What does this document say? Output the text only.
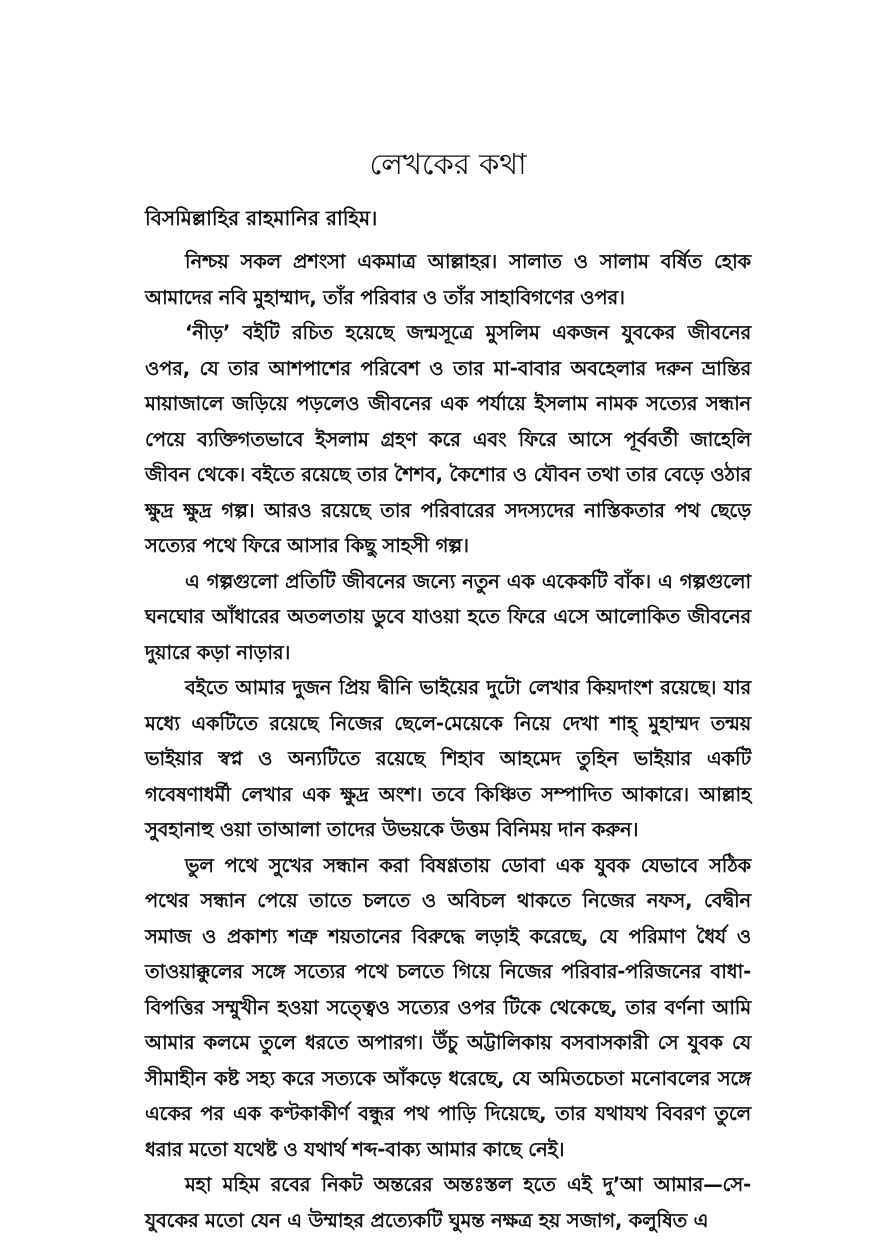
লেখকের কথা

বিসমিল্লাহির রাহমানির রাহিম।

নিশ্চয় সকল প্রশংসা একমাত্র আল্লাহর। সালাত ও সালাম বর্ষিত হোক আমাদের নবি মুহাম্মাদ, তাঁর পরিবার ও তাঁর সাহাবিগণের ওপর।

‘নীড়’ বইটি রচিত হয়েছে জন্মসূত্রে মুসলিম একজন যুবকের জীবনের ওপর, যে তার আশপাশের পরিবেশ ও তার মা-বাবার অবহেলার দরুন ভ্রান্তির মায়াজালে জড়িয়ে পড়লেও জীবনের এক পর্যায়ে ইসলাম নামক সত্যের সন্ধান পেয়ে ব্যক্তিগতভাবে ইসলাম গ্রহণ করে এবং ফিরে আসে পূর্ববর্তী জাহেলি জীবন থেকে। বইতে রয়েছে তার শৈশব, কৈশোর ও যৌবন তথা তার বেড়ে ওঠার ক্ষুদ্র ক্ষুদ্র গল্প। আরও রয়েছে তার পরিবারের সদস্যদের নাস্তিকতার পথ ছেড়ে সত্যের পথে ফিরে আসার কিছু সাহসী গল্প।

এ গল্পগুলো প্রতিটি জীবনের জন্যে নতুন এক একেকটি বাঁক। এ গল্পগুলো ঘনঘোর আঁধারের অতলতায় ডুবে যাওয়া হতে ফিরে এসে আলোকিত জীবনের দুয়ারে কড়া নাড়ার।

বইতে আমার দুজন প্রিয় দ্বীনি ভাইয়ের দুটো লেখার কিয়দাংশ রয়েছে। যার মধ্যে একটিতে রয়েছে নিজের ছেলে-মেয়েকে নিয়ে দেখা শাহ্ মুহাম্মদ তন্ময় ভাইয়ার স্বপ্ন ও অন্যটিতে রয়েছে শিহাব আহমেদ তুহিন ভাইয়ার একটি গবেষণাধর্মী লেখার এক ক্ষুদ্র অংশ। তবে কিঞ্চিত সম্পাদিত আকারে। আল্লাহ সুবহানাহু ওয়া তাআলা তাদের উভয়কে উত্তম বিনিময় দান করুন।

ভুল পথে সুখের সন্ধান করা বিষণ্ণতায় ডোবা এক যুবক যেভাবে সঠিক পথের সন্ধান পেয়ে তাতে চলতে ও অবিচল থাকতে নিজের নফস, বেদ্বীন সমাজ ও প্রকাশ্য শত্রু শয়তানের বিরুদ্ধে লড়াই করেছে, যে পরিমাণ ধৈর্য ও তাওয়াক্কুলের সঙ্গে সত্যের পথে চলতে গিয়ে নিজের পরিবার-পরিজনের বাধা-বিপত্তির সম্মুখীন হওয়া সত্ত্বেও সত্যের ওপর টিকে থেকেছে, তার বর্ণনা আমি আমার কলমে তুলে ধরতে অপারগ। উঁচু অট্টালিকায় বসবাসকারী সে যুবক যে সীমাহীন কষ্ট সহ্য করে সত্যকে আঁকড়ে ধরেছে, যে অমিতচেতা মনোবলের সঙ্গে একের পর এক কণ্টকাকীর্ণ বন্ধুর পথ পাড়ি দিয়েছে, তার যথাযথ বিবরণ তুলে ধরার মতো যথেষ্ট ও যথার্থ শব্দ-বাক্য আমার কাছে নেই।

মহা মহিম রবের নিকট অন্তরের অন্তঃস্তল হতে এই দু’আ আমার—সে-যুবকের মতো যেন এ উম্মাহর প্রত্যেকটি ঘুমন্ত নক্ষত্র হয় সজাগ, কলুষিত এ
